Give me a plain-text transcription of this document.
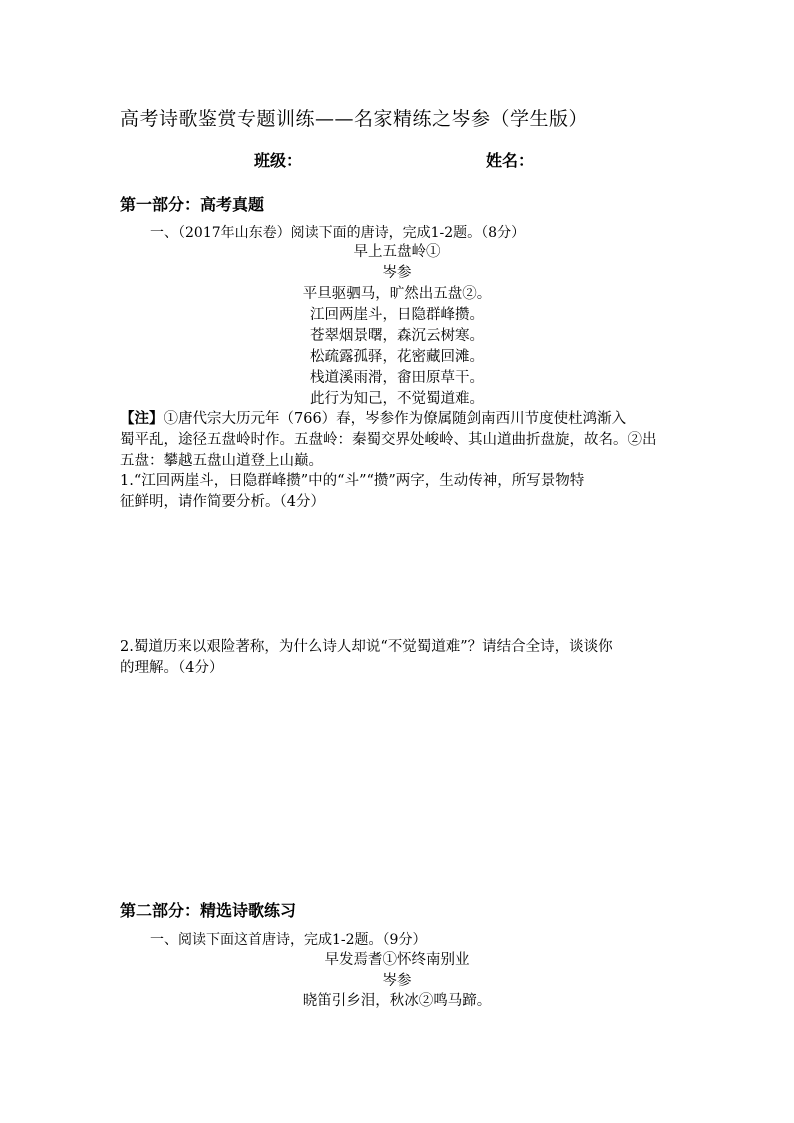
高考诗歌鉴赏专题训练——名家精练之岑参（学生版）
班级：	姓名：
第一部分：高考真题
一、（2017年山东卷）阅读下面的唐诗，完成1-2题。（8分）
早上五盘岭①
岑参
平旦驱驷马，旷然出五盘②。
江回两崖斗，日隐群峰攒。
苍翠烟景曙，森沉云树寒。
松疏露孤驿，花密藏回滩。
栈道溪雨滑，畲田原草干。
此行为知己，不觉蜀道难。
【注】①唐代宗大历元年（766）春，岑参作为僚属随剑南西川节度使杜鸿渐入
蜀平乱，途径五盘岭时作。五盘岭：秦蜀交界处峻岭、其山道曲折盘旋，故名。②出
五盘：攀越五盘山道登上山巅。
1.“江回两崖斗，日隐群峰攒”中的“斗”“攒”两字，生动传神，所写景物特
征鲜明，请作简要分析。（4分）
2.蜀道历来以艰险著称，为什么诗人却说“不觉蜀道难”？请结合全诗，谈谈你
的理解。（4分）
第二部分：精选诗歌练习
一、阅读下面这首唐诗，完成1-2题。（9分）
早发焉耆①怀终南别业
岑参
晓笛引乡泪，秋冰②鸣马蹄。
